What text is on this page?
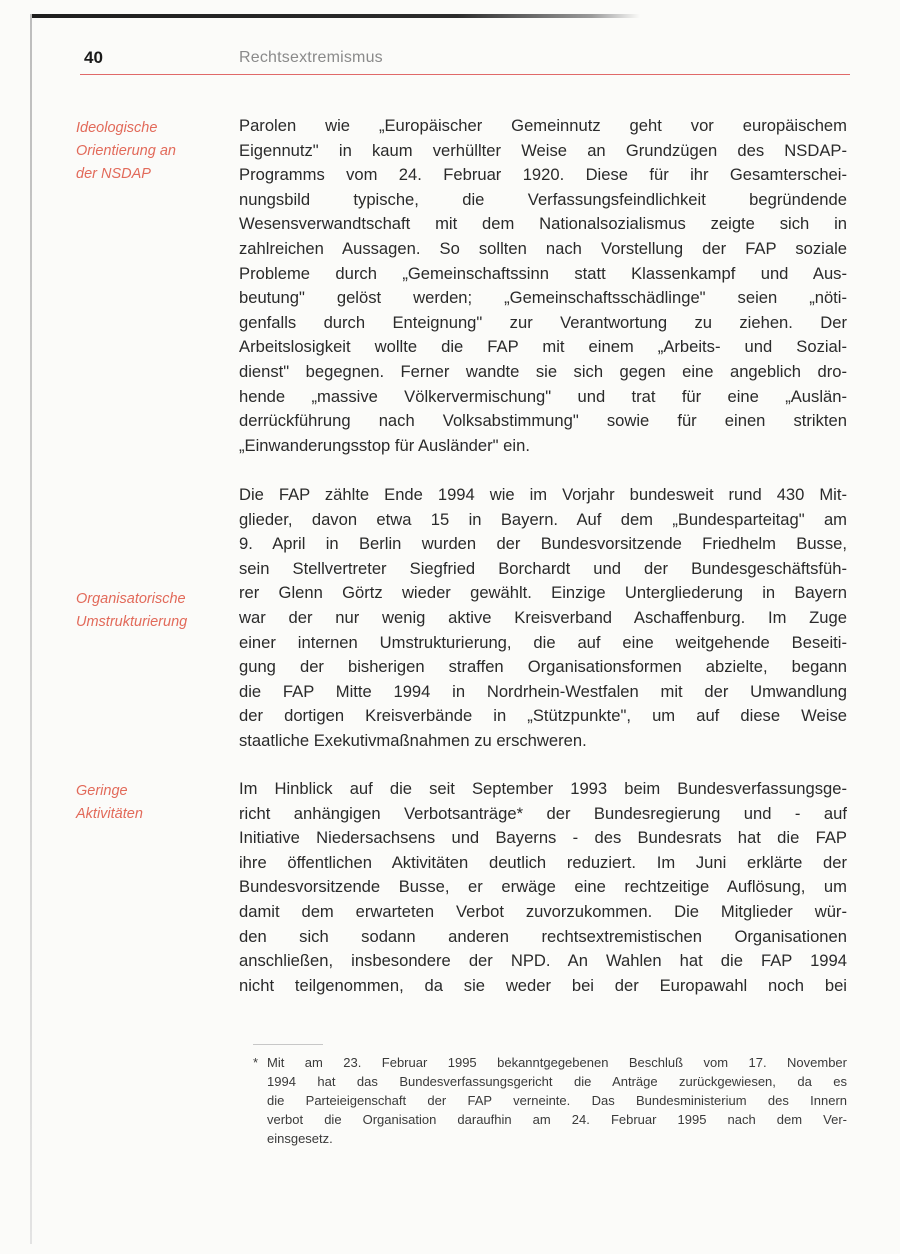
40	Rechtsextremismus
Ideologische
Orientierung an
der NSDAP
Organisatorische
Umstrukturierung
Geringe
Aktivitäten
Parolen wie „Europäischer Gemeinnutz geht vor europäischem
Eigennutz" in kaum verhüllter Weise an Grundzügen des NSDAP-
Programms vom 24. Februar 1920. Diese für ihr Gesamterschei-
nungsbild typische, die Verfassungsfeindlichkeit begründende
Wesensverwandtschaft mit dem Nationalsozialismus zeigte sich in
zahlreichen Aussagen. So sollten nach Vorstellung der FAP soziale
Probleme durch „Gemeinschaftssinn statt Klassenkampf und Aus-
beutung" gelöst werden; „Gemeinschaftsschädlinge" seien „nöti-
genfalls durch Enteignung" zur Verantwortung zu ziehen. Der
Arbeitslosigkeit wollte die FAP mit einem „Arbeits- und Sozial-
dienst" begegnen. Ferner wandte sie sich gegen eine angeblich dro-
hende „massive Völkervermischung" und trat für eine „Auslän-
derrückführung nach Volksabstimmung" sowie für einen strikten
„Einwanderungsstop für Ausländer" ein.
Die FAP zählte Ende 1994 wie im Vorjahr bundesweit rund 430 Mit-
glieder, davon etwa 15 in Bayern. Auf dem „Bundesparteitag" am
9. April in Berlin wurden der Bundesvorsitzende Friedhelm Busse,
sein Stellvertreter Siegfried Borchardt und der Bundesgeschäftsfüh-
rer Glenn Görtz wieder gewählt. Einzige Untergliederung in Bayern
war der nur wenig aktive Kreisverband Aschaffenburg. Im Zuge
einer internen Umstrukturierung, die auf eine weitgehende Beseiti-
gung der bisherigen straffen Organisationsformen abzielte, begann
die FAP Mitte 1994 in Nordrhein-Westfalen mit der Umwandlung
der dortigen Kreisverbände in „Stützpunkte", um auf diese Weise
staatliche Exekutivmaßnahmen zu erschweren.
Im Hinblick auf die seit September 1993 beim Bundesverfassungsge-
richt anhängigen Verbotsanträge* der Bundesregierung und - auf
Initiative Niedersachsens und Bayerns - des Bundesrats hat die FAP
ihre öffentlichen Aktivitäten deutlich reduziert. Im Juni erklärte der
Bundesvorsitzende Busse, er erwäge eine rechtzeitige Auflösung, um
damit dem erwarteten Verbot zuvorzukommen. Die Mitglieder wür-
den sich sodann anderen rechtsextremistischen Organisationen
anschließen, insbesondere der NPD. An Wahlen hat die FAP 1994
nicht teilgenommen, da sie weder bei der Europawahl noch bei
* Mit am 23. Februar 1995 bekanntgegebenen Beschluß vom 17. November
1994 hat das Bundesverfassungsgericht die Anträge zurückgewiesen, da es
die Parteieigenschaft der FAP verneinte. Das Bundesministerium des Innern
verbot die Organisation daraufhin am 24. Februar 1995 nach dem Ver-
einsgesetz.
